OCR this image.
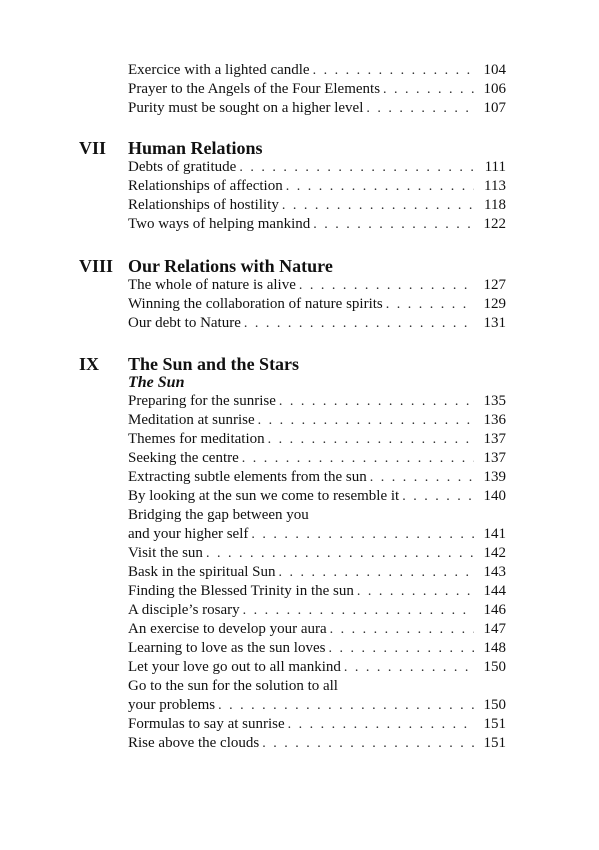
Exercice with a lighted candle . . .	104
Prayer to the Angels of the Four Elements . . .	106
Purity must be sought on a higher level . . .	107
VII Human Relations
Debts of gratitude . . .	111
Relationships of affection . . .	113
Relationships of hostility . . .	118
Two ways of helping mankind . . .	122
VIII Our Relations with Nature
The whole of nature is alive . . .	127
Winning the collaboration of nature spirits . . .	129
Our debt to Nature . . .	131
IX The Sun and the Stars
The Sun
Preparing for the sunrise . . .	135
Meditation at sunrise . . .	136
Themes for meditation . . .	137
Seeking the centre . . .	137
Extracting subtle elements from the sun . . .	139
By looking at the sun we come to resemble it . . .	140
Bridging the gap between you
and your higher self . . .	141
Visit the sun . . .	142
Bask in the spiritual Sun . . .	143
Finding the Blessed Trinity in the sun . . .	144
A disciple’s rosary . . .	146
An exercise to develop your aura . . .	147
Learning to love as the sun loves . . .	148
Let your love go out to all mankind . . .	150
Go to the sun for the solution to all
your problems . . .	150
Formulas to say at sunrise . . .	151
Rise above the clouds . . .	151
